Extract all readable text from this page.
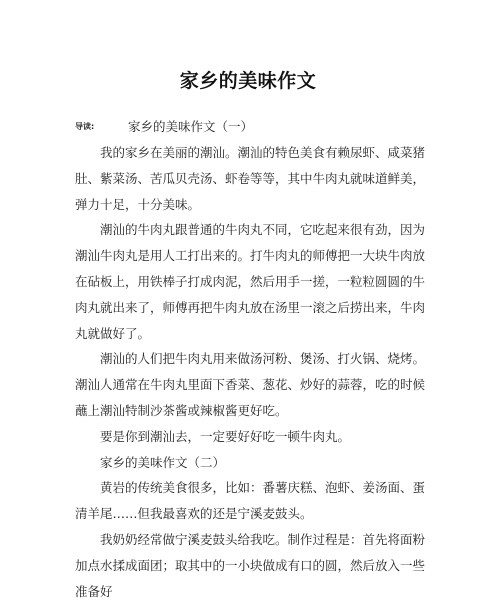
家乡的美味作文
导读:	家乡的美味作文（一）

我的家乡在美丽的潮汕。潮汕的特色美食有赖尿虾、咸菜猪肚、紫菜汤、苦瓜贝壳汤、虾卷等等，其中牛肉丸就味道鲜美，弹力十足，十分美味。

潮汕的牛肉丸跟普通的牛肉丸不同，它吃起来很有劲，因为潮汕牛肉丸是用人工打出来的。打牛肉丸的师傅把一大块牛肉放在砧板上，用铁棒子打成肉泥，然后用手一搓，一粒粒圆圆的牛肉丸就出来了，师傅再把牛肉丸放在汤里一滚之后捞出来，牛肉丸就做好了。

潮汕的人们把牛肉丸用来做汤河粉、煲汤、打火锅、烧烤。潮汕人通常在牛肉丸里面下香菜、葱花、炒好的蒜蓉，吃的时候蘸上潮汕特制沙茶酱或辣椒酱更好吃。

要是你到潮汕去，一定要好好吃一顿牛肉丸。

家乡的美味作文（二）

黄岩的传统美食很多，比如：番薯庆糕、泡虾、姜汤面、蛋清羊尾……但我最喜欢的还是宁溪麦鼓头。

我奶奶经常做宁溪麦鼓头给我吃。制作过程是：首先将面粉加点水揉成面团；取其中的一小块做成有口的圆，然后放入一些准备好
